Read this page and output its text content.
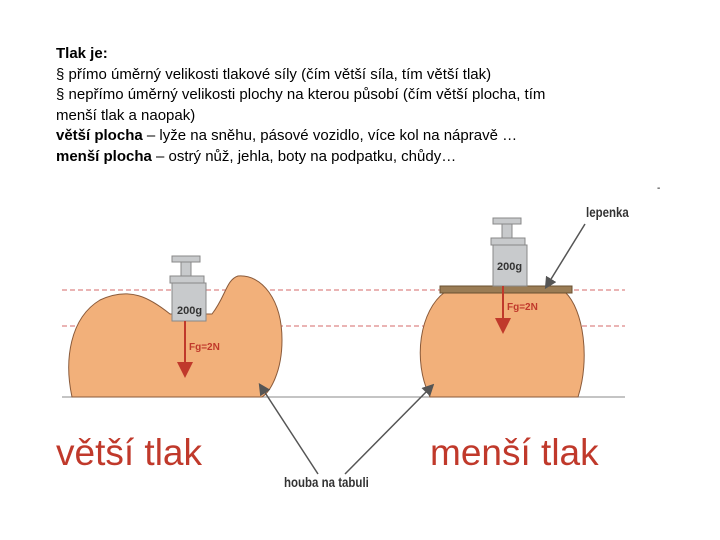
Tlak je:
§ přímo úměrný velikosti tlakové síly (čím větší síla, tím větší tlak)
§ nepřímo úměrný velikosti plochy na kterou působí (čím větší plocha, tím
menší tlak a naopak)
větší plocha – lyže na sněhu, pásové vozidlo, více kol na nápravě …
menší plocha – ostrý nůž, jehla, boty na podpatku, chůdy…
-
200g
Fg=2N
200g
Fg=2N
lepenka
houba na tabuli
větší tlak	menší tlak
